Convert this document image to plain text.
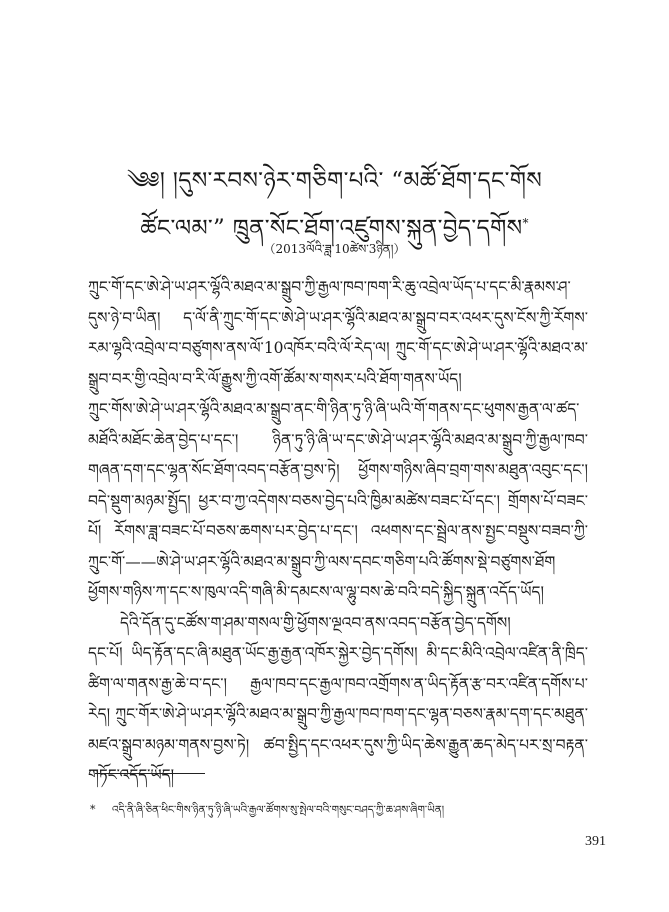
༄༅། །དུས་རབས་ཉེར་གཅིག་པའི་ “མཚོ་ཐོག་དང་གོས
ཚོང་ལམ་” ཁྲུན་སོང་ཐོག་འཛུགས་སྐུན་བྱེད་དགོས*
（2013ལོའི་ཟླ་10ཚེས་3ཉིན།）

ཀྲུང་གོ་དང་ཨེ་ཤེ་ཡ་ཤར་ལྷོའི་མཐའ་མ་སྒྲུབ་ཀྱི་རྒྱལ་ཁབ་ཁག་རི་ཆུ་འབྲེལ་ཡོད་པ་དང་མི་རྣམས་ཤ་དུས་ཉེ་བ་ཡིན། ད་ལོ་ནི་ཀྲུང་གོ་དང་ཨེ་ཤེ་ཡ་ཤར་ལྷོའི་མཐའ་མ་སྒྲུབ་བར་འཕར་དུས་ངོས་ཀྱི་རོགས་རམ་ལྷའི་འབྲེལ་བ་བཙུགས་ནས་ལོ་10འཁོར་བའི་ལོ་རེད་ལ། ཀྲུང་གོ་དང་ཨེ་ཤེ་ཡ་ཤར་ལྷོའི་མཐའ་མ་སྒྲུབ་བར་གྱི་འབྲེལ་བ་རི་ལོ་རྒྱུས་ཀྱི་འགོ་ཚོམ་ས་གསར་པའི་ཐོག་གནས་ཡོད།

ཀྲུང་གོས་ཨེ་ཤེ་ཡ་ཤར་ལྷོའི་མཐའ་མ་སྒྲུབ་ནང་གི་ཉིན་ཏུ་ཉི་ཞི་ཡའི་གོ་གནས་དང་ཕུགས་རྒྱན་ལ་ཚད་མཐོའི་མཐོང་ཆེན་བྱེད་པ་དང་། ཉིན་ཏུ་ཉི་ཞི་ཡ་དང་ཨེ་ཤེ་ཡ་ཤར་ལྷོའི་མཐའ་མ་སྒྲུབ་ཀྱི་རྒྱལ་ཁབ་གཞན་དག་དང་ལྷན་སོང་ཐོག་འབད་བརྩོན་བྱས་ཏེ། ཕྱོགས་གཉིས་ཞིབ་བྲག་གས་མཐུན་འབུང་དང་། བདེ་སྡུག་མཉམ་སྤྱོད། ཕྱར་བ་ཀྱ་འདེགས་བཅས་བྱེད་པའི་ཁྱིམ་མཚེས་བཟང་པོ་དང་། གྲོགས་པོ་བཟང་པོ། རོགས་ཟླ་བཟང་པོ་བཅས་ཆགས་པར་བྱེད་པ་དང་། འཕགས་དང་སྦྲེལ་ནས་སྤྱང་བསྡུས་བཟབ་ཀྱི་ཀྲུང་གོ་——ཨེ་ཤེ་ཡ་ཤར་ལྷོའི་མཐའ་མ་སྒྲུབ་ཀྱི་ལས་དབང་གཅིག་པའི་ཚོགས་སྡེ་བཙུགས་ཐོག ཕྱོགས་གཉིས་ཀ་དང་ས་ཁུལ་འདི་གཞི་མི་དམངས་ལ་ལྷུ་བས་ཆེ་བའི་བདེ་སྐྱིད་སྐྲུན་འདོད་ཡོད།

དེའི་དོན་དུ་ངཚོས་ག་ཤམ་གསལ་གྱི་ཕྱོགས་ལྔའབ་ནས་འབད་བརྩོན་བྱེད་དགོས།

དང་པོ། ཡིད་རྟོན་དང་ཞི་མཐུན་ཡོང་རྒྱ་རྒྱན་འཁོར་སྐྱེར་བྱེད་དགོས། མི་དང་མིའི་འབྲེལ་འཛིན་ནི་ཁྲིད་ཚིག་ལ་གནས་རྒྱ་ཆེ་བ་དང་། རྒྱལ་ཁབ་དང་རྒྱལ་ཁབ་འགྲོགས་ན་ཡིད་རྟོན་རྩ་བར་འཛིན་དགོས་པ་རེད། ཀྲུང་གོར་ཨེ་ཤེ་ཡ་ཤར་ལྷོའི་མཐའ་མ་སྒྲུབ་ཀྱི་རྒྱལ་ཁབ་ཁག་དང་ལྷན་བཅས་རྣམ་དག་དང་མཐུན་མཛའ་སྒྲུབ་མཉམ་གནས་བྱས་ཏེ། ཚབ་སྤྱིད་དང་འཕར་དུས་ཀྱི་ཡིད་ཆེས་རྒྱུན་ཆད་མེད་པར་སྲ་བརྟན་གཏོང་འདོད་ཡོད།

* འདི་ནི་ཞི་ཅིན་ཕིང་གིས་ཉིན་ཏུ་ཉི་ཞི་ཡའི་རྒྱལ་ཚོགས་སུ་སྤེལ་བའི་གསུང་བཤད་ཀྱི་ཆ་ཤས་ཞིག་ཡིན།
391
